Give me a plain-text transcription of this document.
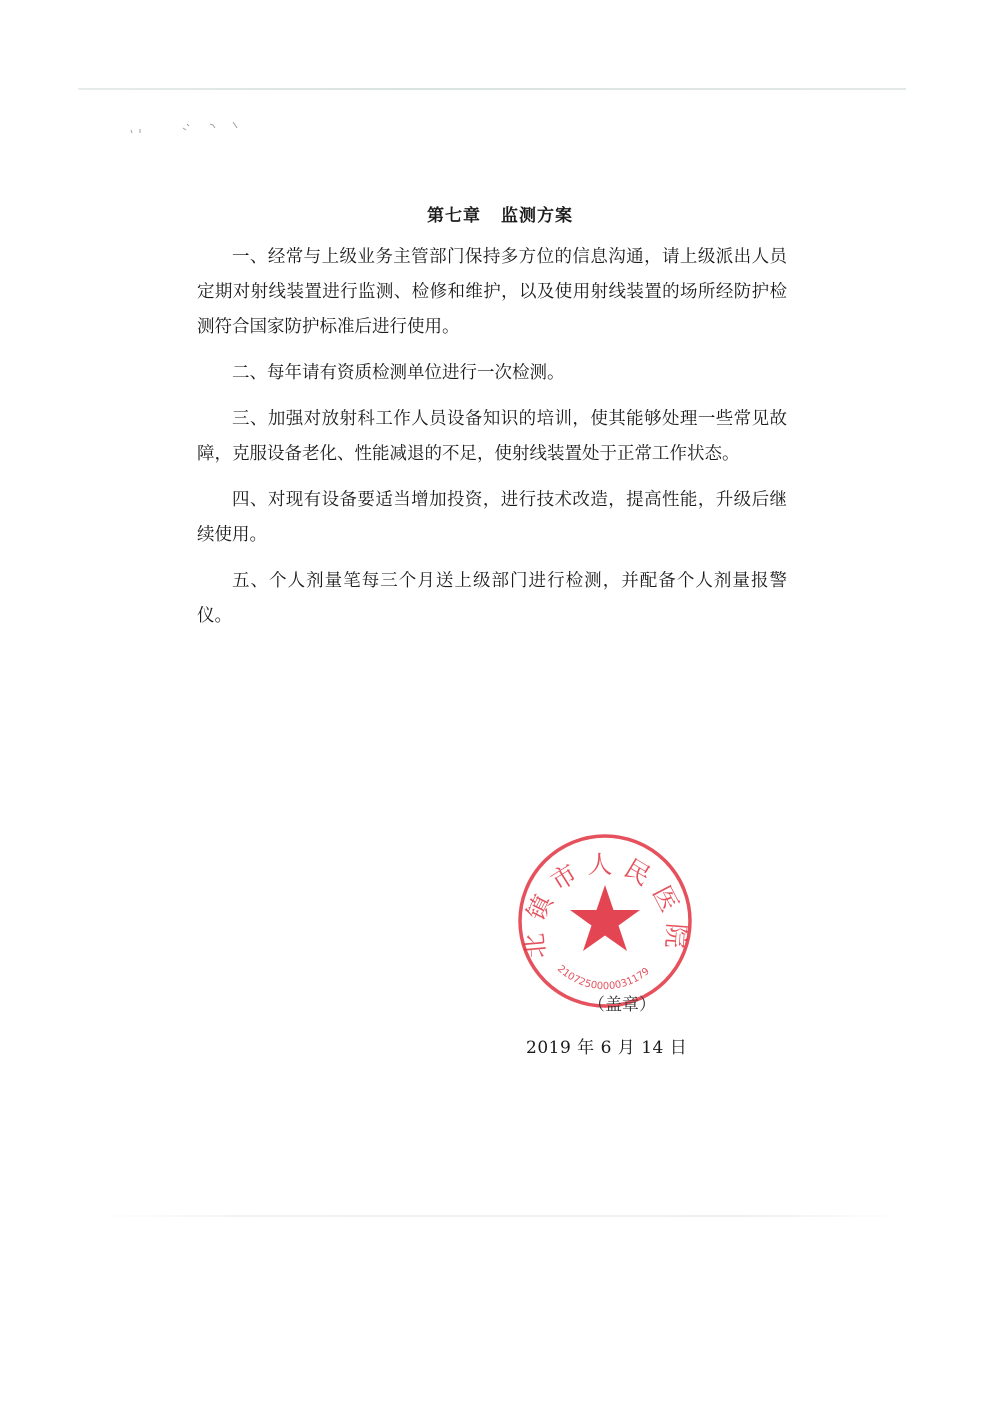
第七章 监测方案

一、经常与上级业务主管部门保持多方位的信息沟通，请上级派出人员定期对射线装置进行监测、检修和维护，以及使用射线装置的场所经防护检测符合国家防护标准后进行使用。

二、每年请有资质检测单位进行一次检测。

三、加强对放射科工作人员设备知识的培训，使其能够处理一些常见故障，克服设备老化、性能减退的不足，使射线装置处于正常工作状态。

四、对现有设备要适当增加投资，进行技术改造，提高性能，升级后继续使用。

五、个人剂量笔每三个月送上级部门进行检测，并配备个人剂量报警仪。

北镇市人民医院
2107250000031179
（盖章）
2019 年 6 月 14 日
